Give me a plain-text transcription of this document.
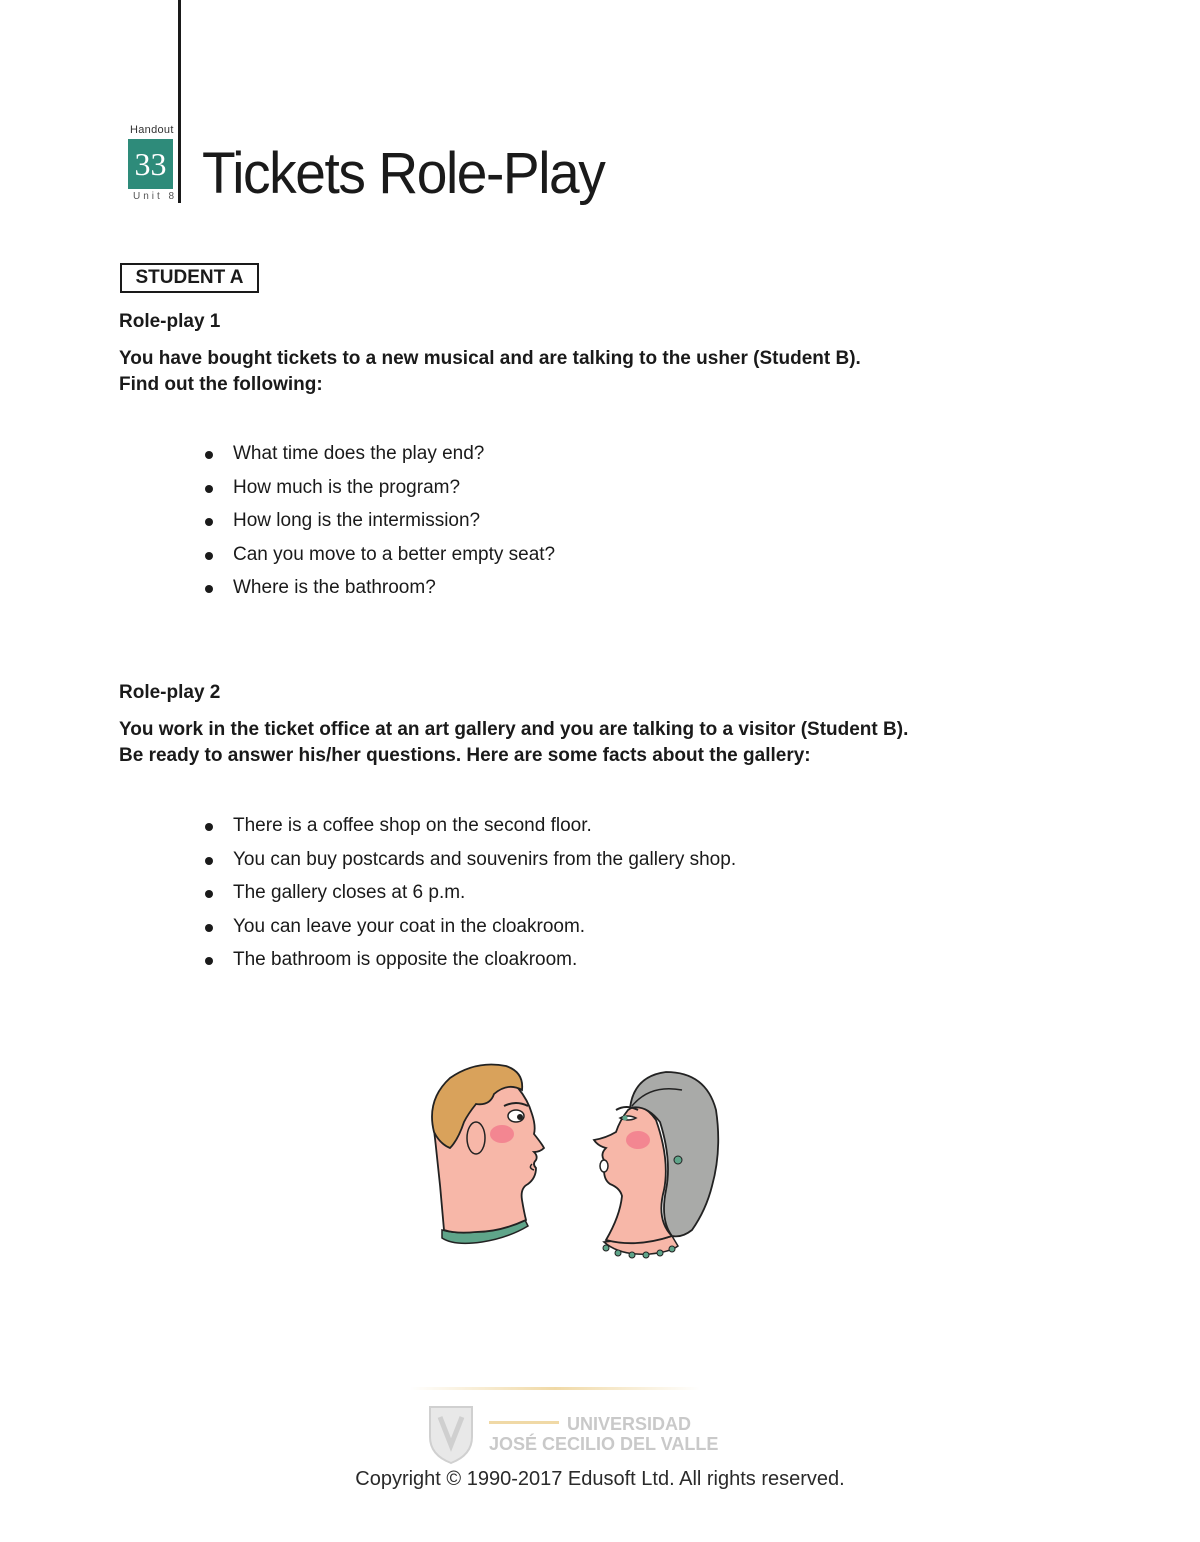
Handout
33
Unit 8 Tickets Role-Play
STUDENT A
Role-play 1

You have bought tickets to a new musical and are talking to the usher (Student B).
Find out the following:

What time does the play end?
How much is the program?
How long is the intermission?
Can you move to a better empty seat?
Where is the bathroom?
Role-play 2

You work in the ticket office at an art gallery and you are talking to a visitor (Student B).
Be ready to answer his/her questions. Here are some facts about the gallery:

There is a coffee shop on the second floor.
You can buy postcards and souvenirs from the gallery shop.
The gallery closes at 6 p.m.
You can leave your coat in the cloakroom.
The bathroom is opposite the cloakroom.
UNIVERSIDAD
JOSÉ CECILIO DEL VALLE
Copyright © 1990-2017 Edusoft Ltd. All rights reserved.
